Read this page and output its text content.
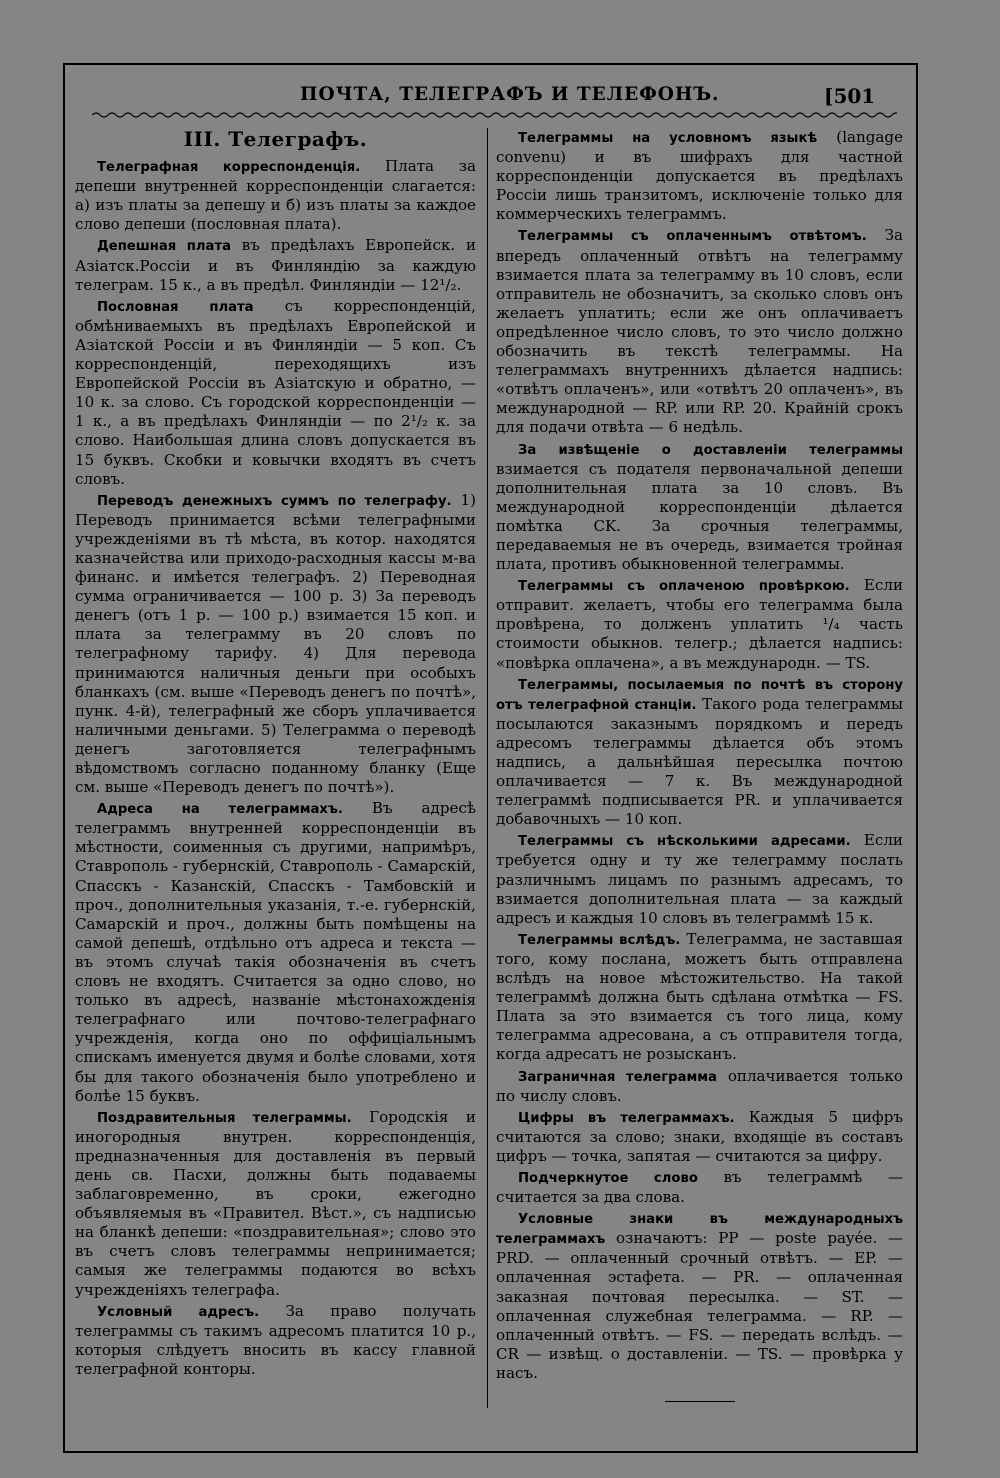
ПОЧТА, ТЕЛЕГРАФЪ И ТЕЛЕФОНЪ.	[501
III. Телеграфъ.

Телеграфная корреспонденція. Плата за депеши внутренней корреспонденціи слагается: а) изъ платы за депешу и б) изъ платы за каждое слово депеши (пословная плата).

Депешная плата въ предѣлахъ Европейск. и Азіатск.Россіи и въ Финляндію за каждую телеграм. 15 к., а въ предѣл. Финляндіи — 12¹/₂.

Пословная плата съ корреспонденцій, обмѣниваемыхъ въ предѣлахъ Европейской и Азіатской Россіи и въ Финляндіи — 5 коп. Съ корреспонденцій, переходящихъ изъ Европейской Россіи въ Азіатскую и обратно, — 10 к. за слово. Съ городской корреспонденціи — 1 к., а въ предѣлахъ Финляндіи — по 2¹/₂ к. за слово. Наибольшая длина словъ допускается въ 15 буквъ. Скобки и ковычки входятъ въ счетъ словъ.

Переводъ денежныхъ суммъ по телеграфу. 1) Переводъ принимается всѣми телеграфными учрежденіями въ тѣ мѣста, въ котор. находятся казначейства или приходо-расходныя кассы м-ва финанс. и имѣется телеграфъ. 2) Переводная сумма ограничивается — 100 р. 3) За переводъ денегъ (отъ 1 р. — 100 р.) взимается 15 коп. и плата за телеграмму въ 20 словъ по телеграфному тарифу. 4) Для перевода принимаются наличныя деньги при особыхъ бланкахъ (см. выше «Переводъ денегъ по почтѣ», пунк. 4-й), телеграфный же сборъ уплачивается наличными деньгами. 5) Телеграмма о переводѣ денегъ заготовляется телеграфнымъ вѣдомствомъ согласно поданному бланку (Еще см. выше «Переводъ денегъ по почтѣ»).

Адреса на телеграммахъ. Въ адресѣ телеграммъ внутренней корреспонденціи въ мѣстности, соименныя съ другими, напримѣръ, Ставрополь - губернскій, Ставрополь - Самарскій, Спасскъ - Казанскій, Спасскъ - Тамбовскій и проч., дополнительныя указанія, т.-е. губернскій, Самарскій и проч., должны быть помѣщены на самой депешѣ, отдѣльно отъ адреса и текста — въ этомъ случаѣ такія обозначенія въ счетъ словъ не входятъ. Считается за одно слово, но только въ адресѣ, названіе мѣстонахожденія телеграфнаго или почтово-телеграфнаго учрежденія, когда оно по оффиціальнымъ спискамъ именуется двумя и болѣе словами, хотя бы для такого обозначенія было употреблено и болѣе 15 буквъ.

Поздравительныя телеграммы. Городскія и иногородныя внутрен. корреспонденція, предназначенныя для доставленія въ первый день св. Пасхи, должны быть подаваемы заблаговременно, въ сроки, ежегодно объявляемыя въ «Правител. Вѣст.», съ надписью на бланкѣ депеши: «поздравительная»; слово это въ счетъ словъ телеграммы непринимается; самыя же телеграммы подаются во всѣхъ учрежденіяхъ телеграфа.

Условный адресъ. За право получать телеграммы съ такимъ адресомъ платится 10 р., которыя слѣдуетъ вносить въ кассу главной телеграфной конторы.

Телеграммы на условномъ языкѣ (langage convenu) и въ шифрахъ для частной корреспонденціи допускается въ предѣлахъ Россіи лишь транзитомъ, исключеніе только для коммерческихъ телеграммъ.

Телеграммы съ оплаченнымъ отвѣтомъ. За впередъ оплаченный отвѣтъ на телеграмму взимается плата за телеграмму въ 10 словъ, если отправитель не обозначитъ, за сколько словъ онъ желаетъ уплатить; если же онъ оплачиваетъ опредѣленное число словъ, то это число должно обозначить въ текстѣ телеграммы. На телеграммахъ внутреннихъ дѣлается надпись: «отвѣтъ оплаченъ», или «отвѣтъ 20 оплаченъ», въ международной — RP. или RP. 20. Крайній срокъ для подачи отвѣта — 6 недѣль.

За извѣщеніе о доставленіи телеграммы взимается съ подателя первоначальной депеши дополнительная плата за 10 словъ. Въ международной корреспонденціи дѣлается помѣтка CK. За срочныя телеграммы, передаваемыя не въ очередь, взимается тройная плата, противъ обыкновенной телеграммы.

Телеграммы съ оплаченою провѣркою. Если отправит. желаетъ, чтобы его телеграмма была провѣрена, то долженъ уплатить ¹/₄ часть стоимости обыкнов. телегр.; дѣлается надпись: «повѣрка оплачена», а въ международн. — TS.

Телеграммы, посылаемыя по почтѣ въ сторону отъ телеграфной станціи. Такого рода телеграммы посылаются заказнымъ порядкомъ и передъ адресомъ телеграммы дѣлается объ этомъ надпись, а дальнѣйшая пересылка почтою оплачивается — 7 к. Въ международной телеграммѣ подписывается PR. и уплачивается добавочныхъ — 10 коп.

Телеграммы съ нѣсколькими адресами. Если требуется одну и ту же телеграмму послать различнымъ лицамъ по разнымъ адресамъ, то взимается дополнительная плата — за каждый адресъ и каждыя 10 словъ въ телеграммѣ 15 к.

Телеграммы вслѣдъ. Телеграмма, не заставшая того, кому послана, можетъ быть отправлена вслѣдъ на новое мѣстожительство. На такой телеграммѣ должна быть сдѣлана отмѣтка — FS. Плата за это взимается съ того лица, кому телеграмма адресована, а съ отправителя тогда, когда адресатъ не розысканъ.

Заграничная телеграмма оплачивается только по числу словъ.

Цифры въ телеграммахъ. Каждыя 5 цифръ считаются за слово; знаки, входящіе въ составъ цифръ — точка, запятая — считаются за цифру.

Подчеркнутое слово въ телеграммѣ — считается за два слова.

Условные знаки въ международныхъ телеграммахъ означаютъ: PP — poste payée. — PRD. — оплаченный срочный отвѣтъ. — EP. — оплаченная эстафета. — PR. — оплаченная заказная почтовая пересылка. — ST. — оплаченная служебная телеграмма. — RP. — оплаченный отвѣтъ. — FS. — передать вслѣдъ. — CR — извѣщ. о доставленіи. — TS. — провѣрка у насъ.
